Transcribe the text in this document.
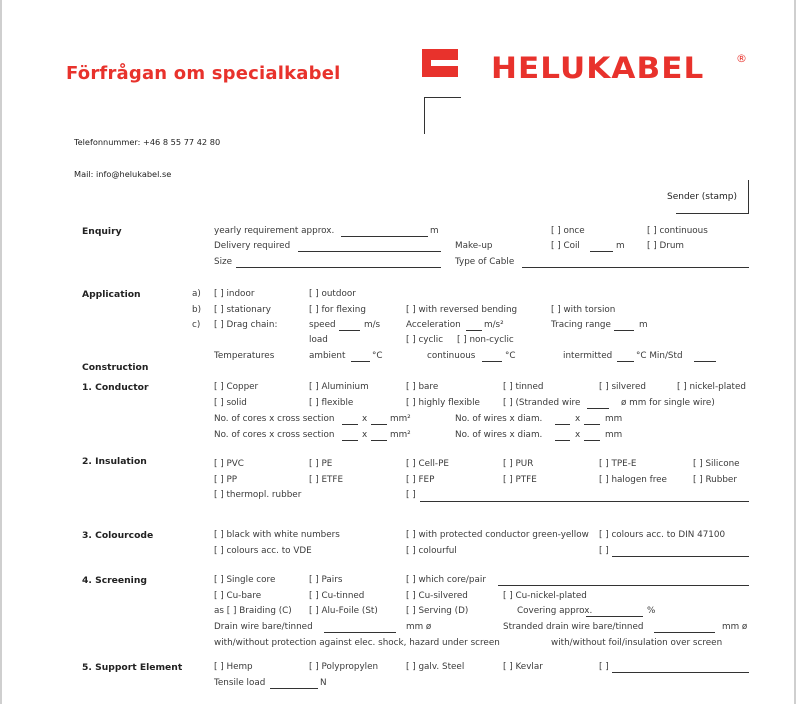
Förfrågan om specialkabel	HELUKABEL	®
Telefonnummer: +46 8 55 77 42 80
Mail: info@helukabel.se
Sender (stamp)
Enquiry	yearly requirement approx.	m	[ ] once	[ ] continuous
Delivery required	Make-up	[ ] Coil	m	[ ] Drum
Size	Type of Cable
Application	a) [ ] indoor	[ ] outdoor
b) [ ] stationary	[ ] for flexing	[ ] with reversed bending	[ ] with torsion
c) [ ] Drag chain:	speed	m/s	Acceleration	m/s²	Tracing range	m
load	[ ] cyclic [ ] non-cyclic
Temperatures	ambient	°C	continuous	°C	intermitted	°C Min/Std
Construction
1. Conductor	[ ] Copper	[ ] Aluminium	[ ] bare	[ ] tinned	[ ] silvered	[ ] nickel-plated
[ ] solid	[ ] flexible	[ ] highly flexible	[ ] (Stranded wire	ø mm for single wire)
No. of cores x cross section	x	mm²	No. of wires x diam.	x	mm
No. of cores x cross section	x	mm²	No. of wires x diam.	x	mm
2. Insulation	[ ] PVC	[ ] PE	[ ] Cell-PE	[ ] PUR	[ ] TPE-E	[ ] Silicone
[ ] PP	[ ] ETFE	[ ] FEP	[ ] PTFE	[ ] halogen free	[ ] Rubber
[ ] thermopl. rubber	[ ]
3. Colourcode	[ ] black with white numbers	[ ] with protected conductor green-yellow [ ] colours acc. to DIN 47100
[ ] colours acc. to VDE	[ ] colourful	[ ]
4. Screening	[ ] Single core	[ ] Pairs	[ ] which core/pair
[ ] Cu-bare	[ ] Cu-tinned	[ ] Cu-silvered	[ ] Cu-nickel-plated
as [ ] Braiding (C) [ ] Alu-Foile (St)	[ ] Serving (D)	Covering approx.	%
Drain wire bare/tinned	mm ø	Stranded drain wire bare/tinned	mm ø
with/without protection against elec. shock, hazard under screen	with/without foil/insulation over screen
5. Support Element	[ ] Hemp	[ ] Polypropylen	[ ] galv. Steel	[ ] Kevlar	[ ]
Tensile load	N
